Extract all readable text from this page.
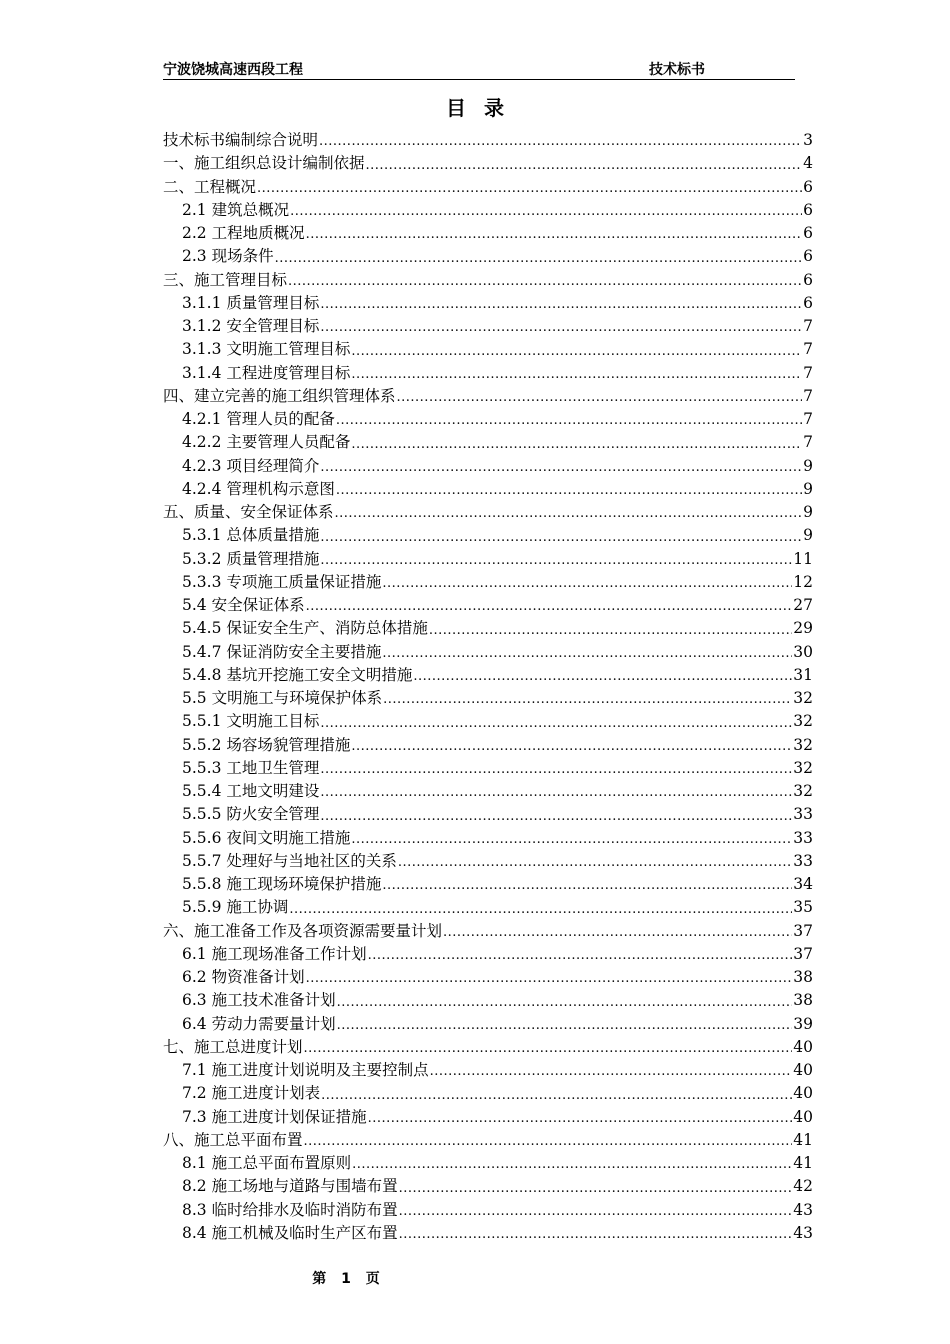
宁波饶城高速西段工程	技术标书
目录
技术标书编制综合说明 .....	3
一、施工组织总设计编制依据 .....	4
二、工程概况 .....	6
2.1 建筑总概况 .....	6
2.2 工程地质概况 .....	6
2.3 现场条件 .....	6
三、施工管理目标 .....	6
3.1.1 质量管理目标 .....	6
3.1.2 安全管理目标 .....	7
3.1.3 文明施工管理目标 .....	7
3.1.4 工程进度管理目标 .....	7
四、建立完善的施工组织管理体系 .....	7
4.2.1 管理人员的配备 .....	7
4.2.2 主要管理人员配备 .....	7
4.2.3 项目经理简介 .....	9
4.2.4 管理机构示意图 .....	9
五、质量、安全保证体系 .....	9
5.3.1 总体质量措施 .....	9
5.3.2 质量管理措施 .....	11
5.3.3 专项施工质量保证措施 .....	12
5.4 安全保证体系 .....	27
5.4.5 保证安全生产、消防总体措施 .....	29
5.4.7 保证消防安全主要措施 .....	30
5.4.8 基坑开挖施工安全文明措施 .....	31
5.5 文明施工与环境保护体系 .....	32
5.5.1 文明施工目标 .....	32
5.5.2 场容场貌管理措施 .....	32
5.5.3 工地卫生管理 .....	32
5.5.4 工地文明建设 .....	32
5.5.5 防火安全管理 .....	33
5.5.6 夜间文明施工措施 .....	33
5.5.7 处理好与当地社区的关系 .....	33
5.5.8 施工现场环境保护措施 .....	34
5.5.9 施工协调 .....	35
六、施工准备工作及各项资源需要量计划 .....	37
6.1 施工现场准备工作计划 .....	37
6.2 物资准备计划 .....	38
6.3 施工技术准备计划 .....	38
6.4 劳动力需要量计划 .....	39
七、施工总进度计划 .....	40
7.1 施工进度计划说明及主要控制点 .....	40
7.2 施工进度计划表 .....	40
7.3 施工进度计划保证措施 .....	40
八、施工总平面布置 .....	41
8.1 施工总平面布置原则 .....	41
8.2 施工场地与道路与围墙布置 .....	42
8.3 临时给排水及临时消防布置 .....	43
8.4 施工机械及临时生产区布置 .....	43
第 1 页
